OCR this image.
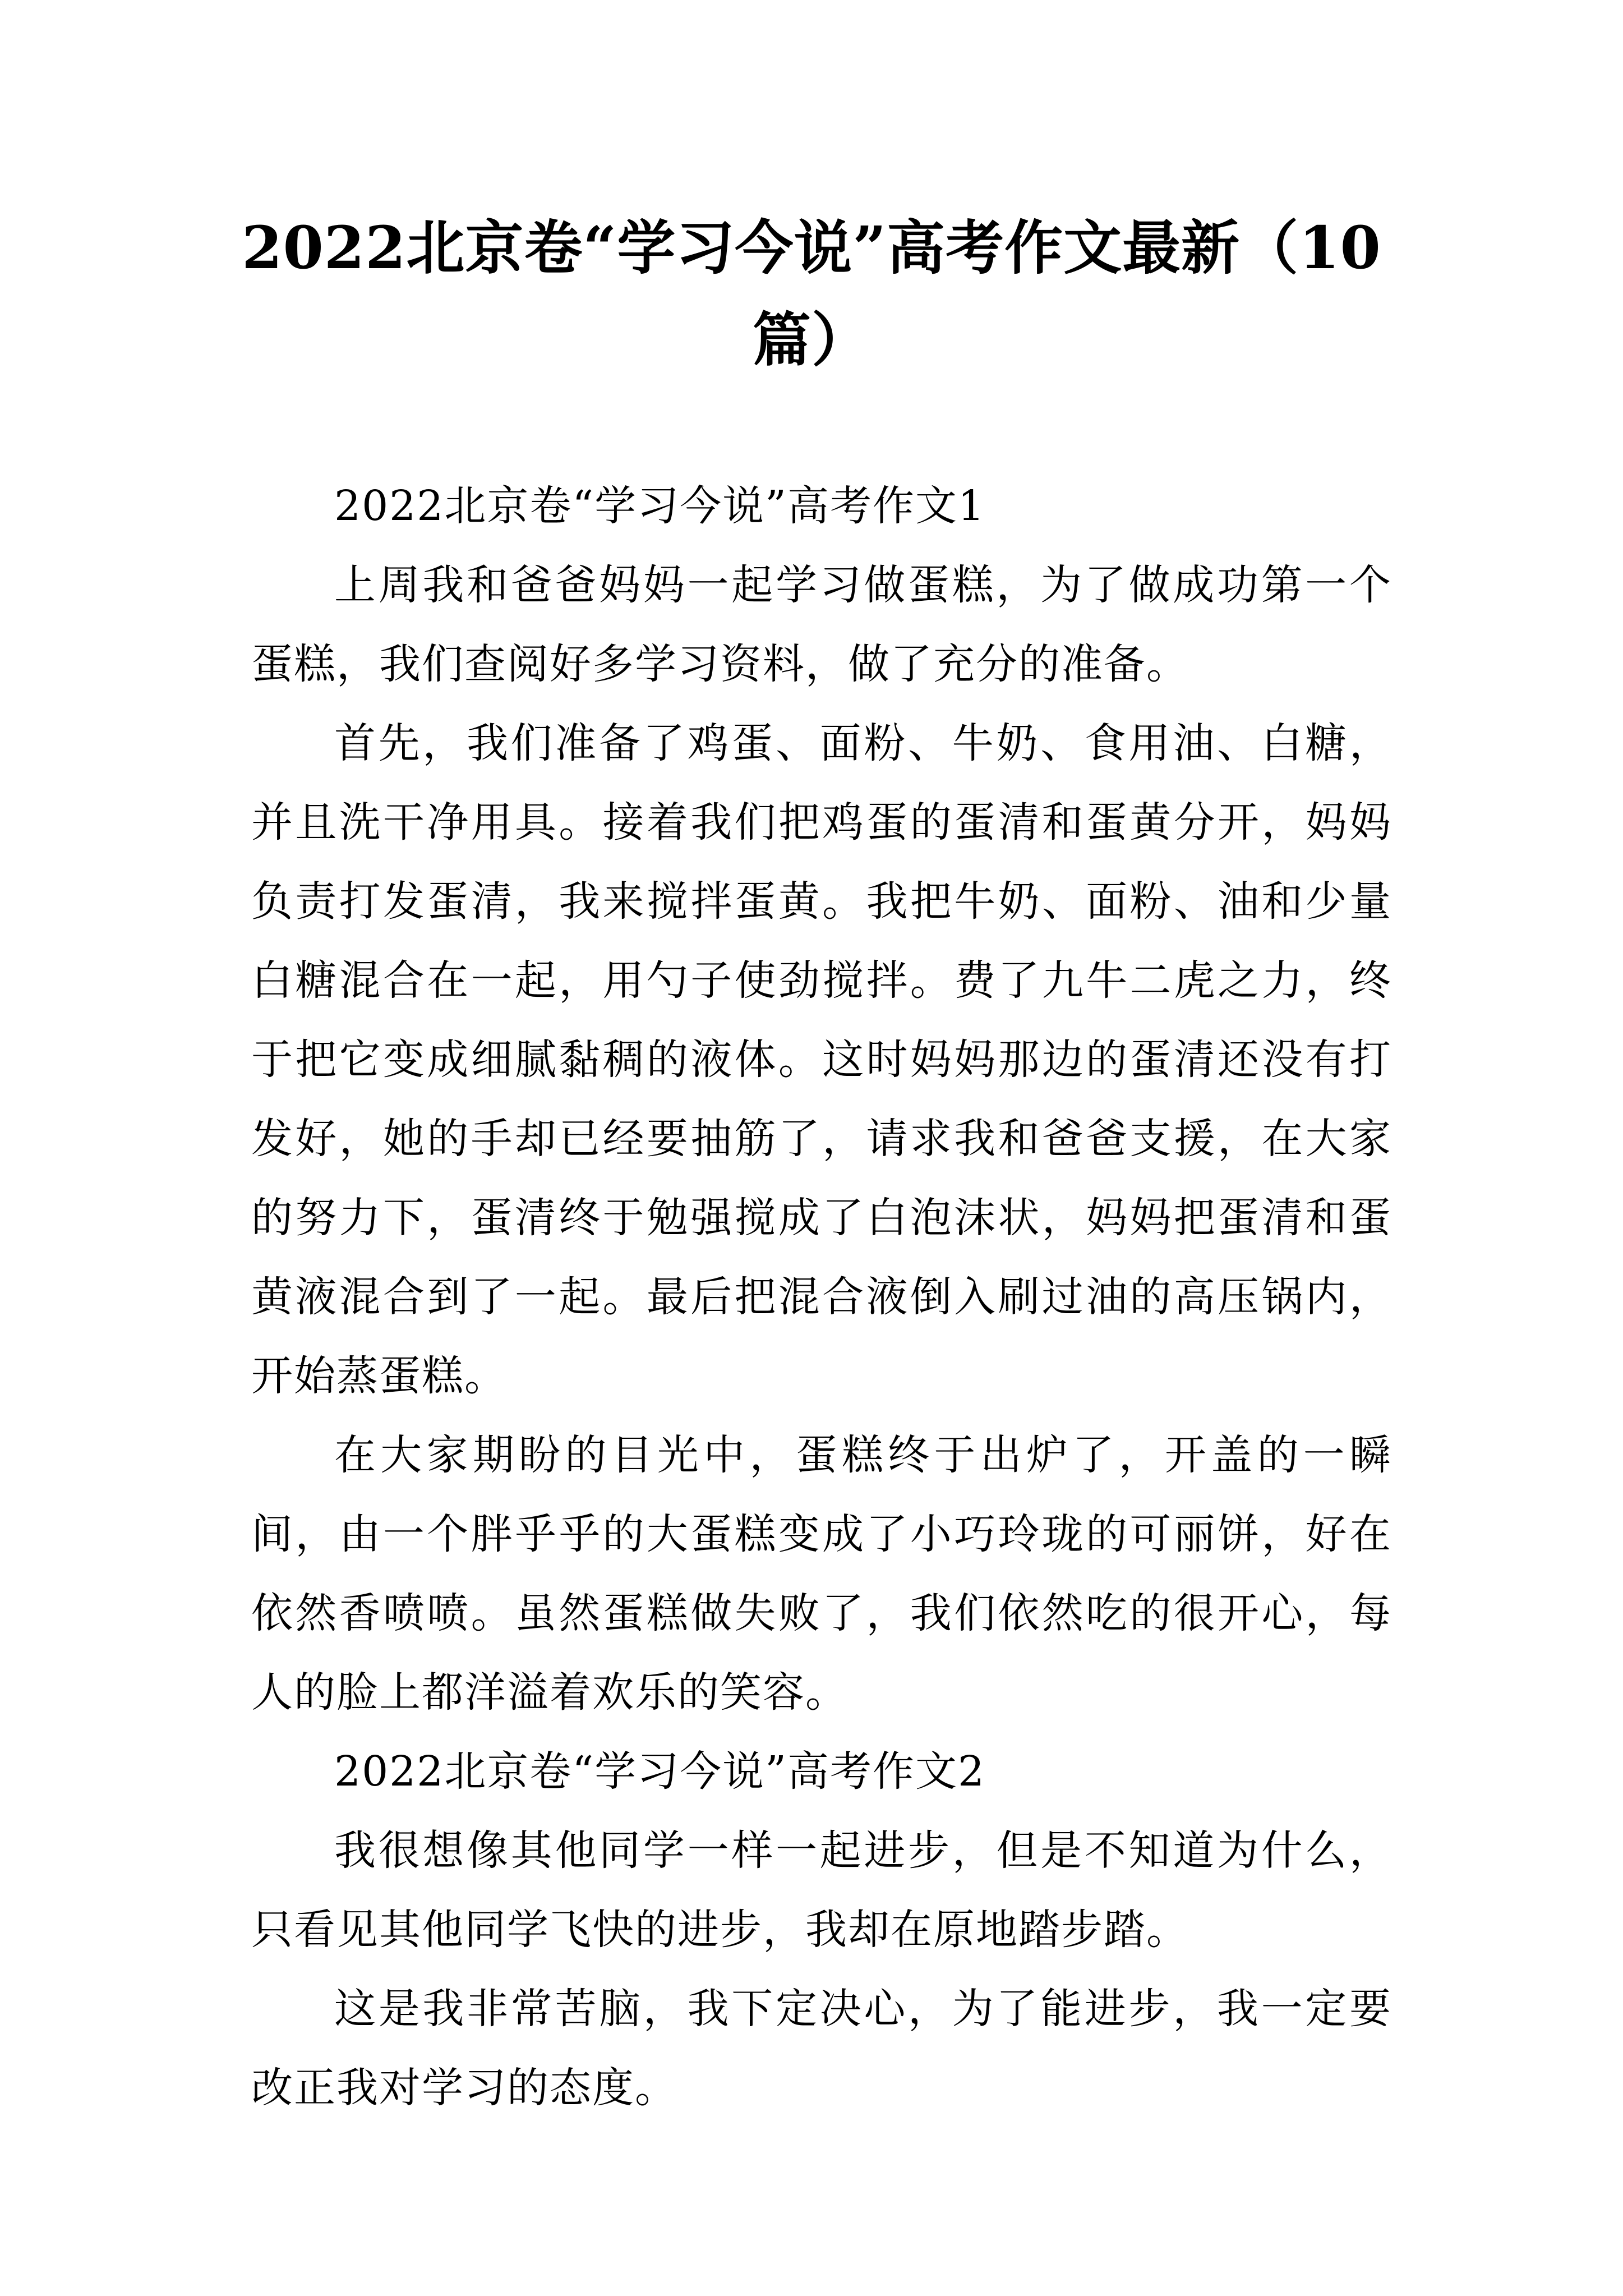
2022北京卷“学习今说”高考作文最新（10篇）

2022北京卷“学习今说”高考作文1

上周我和爸爸妈妈一起学习做蛋糕，为了做成功第一个蛋糕，我们查阅好多学习资料，做了充分的准备。

首先，我们准备了鸡蛋、面粉、牛奶、食用油、白糖，并且洗干净用具。接着我们把鸡蛋的蛋清和蛋黄分开，妈妈负责打发蛋清，我来搅拌蛋黄。我把牛奶、面粉、油和少量白糖混合在一起，用勺子使劲搅拌。费了九牛二虎之力，终于把它变成细腻黏稠的液体。这时妈妈那边的蛋清还没有打发好，她的手却已经要抽筋了，请求我和爸爸支援，在大家的努力下，蛋清终于勉强搅成了白泡沫状，妈妈把蛋清和蛋黄液混合到了一起。最后把混合液倒入刷过油的高压锅内，开始蒸蛋糕。

在大家期盼的目光中，蛋糕终于出炉了，开盖的一瞬间，由一个胖乎乎的大蛋糕变成了小巧玲珑的可丽饼，好在依然香喷喷。虽然蛋糕做失败了，我们依然吃的很开心，每人的脸上都洋溢着欢乐的笑容。

2022北京卷“学习今说”高考作文2

我很想像其他同学一样一起进步，但是不知道为什么，只看见其他同学飞快的进步，我却在原地踏步踏。

这是我非常苦脑，我下定决心，为了能进步，我一定要改正我对学习的态度。
